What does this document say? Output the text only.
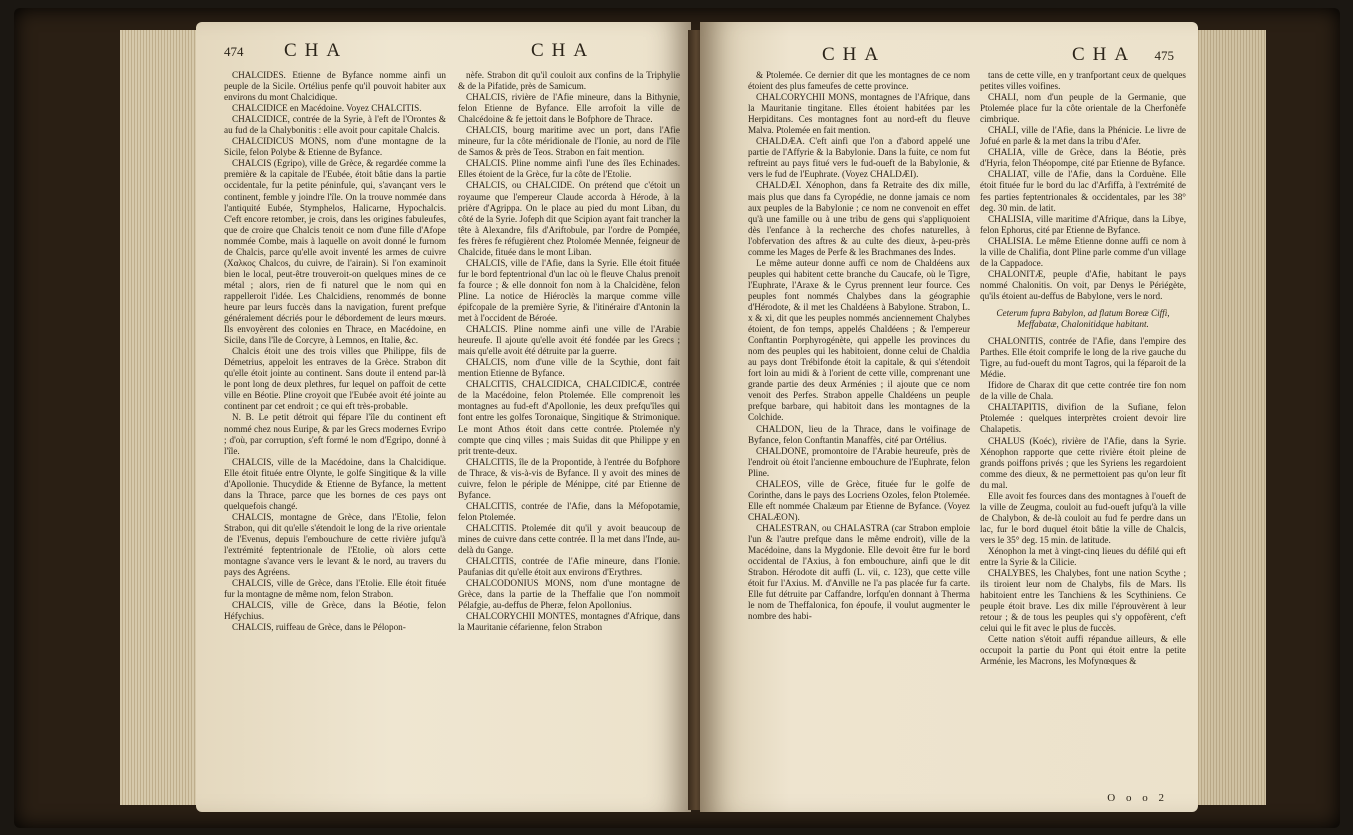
474 CHA	CHA

CHALCIDES. Etienne de Byfance nomme ainfi un peuple de la Sicile. Ortélius penfe qu'il pouvoit habiter aux environs du mont Chalcidique.

CHALCIDICE en Macédoine. Voyez CHALCITIS.

CHALCIDICE, contrée de la Syrie, à l'eft de l'Orontes & au fud de la Chalybonitis : elle avoit pour capitale Chalcis.

CHALCIDICUS MONS, nom d'une montagne de la Sicile, felon Polybe & Etienne de Byfance.

CHALCIS (Egripo), ville de Grèce, & regardée comme la première & la capitale de l'Eubée, étoit bâtie dans la partie occidentale, fur la petite péninfule, qui, s'avançant vers le continent, femble y joindre l'île. On la trouve nommée dans l'antiquité Eubée, Stymphelos, Halicarne, Hypochalcis. C'eft encore retomber, je crois, dans les origines fabuleufes, que de croire que Chalcis tenoit ce nom d'une fille d'Afope nommée Combe, mais à laquelle on avoit donné le furnom de Chalcis, parce qu'elle avoit inventé les armes de cuivre (Χαλκος Chalcos, du cuivre, de l'airain). Si l'on examinoit bien le local, peut-être trouveroit-on quelques mines de ce métal ; alors, rien de fi naturel que le nom qui en rappelleroit l'idée. Les Chalcidiens, renommés de bonne heure par leurs fuccès dans la navigation, furent prefque généralement décriés pour le débordement de leurs mœurs. Ils envoyèrent des colonies en Thrace, en Macédoine, en Sicile, dans l'île de Corcyre, à Lemnos, en Italie, &c.

Chalcis étoit une des trois villes que Philippe, fils de Démetrius, appeloit les entraves de la Grèce. Strabon dit qu'elle étoit jointe au continent. Sans doute il entend par-là le pont long de deux plethres, fur lequel on paffoit de cette ville en Béotie. Pline croyoit que l'Eubée avoit été jointe au continent par cet endroit ; ce qui eft très-probable.

N. B. Le petit détroit qui fépare l'île du continent eft nommé chez nous Euripe, & par les Grecs modernes Evripo ; d'où, par corruption, s'eft formé le nom d'Egripo, donné à l'île.

CHALCIS, ville de la Macédoine, dans la Chalcidique. Elle étoit fituée entre Olynte, le golfe Singitique & la ville d'Apollonie. Thucydide & Etienne de Byfance, la mettent dans la Thrace, parce que les bornes de ces pays ont quelquefois changé.

CHALCIS, montagne de Grèce, dans l'Etolie, felon Strabon, qui dit qu'elle s'étendoit le long de la rive orientale de l'Evenus, depuis l'embouchure de cette rivière jufqu'à l'extrémité feptentrionale de l'Etolie, où alors cette montagne s'avance vers le levant & le nord, au travers du pays des Agréens.

CHALCIS, ville de Grèce, dans l'Etolie. Elle étoit fituée fur la montagne de même nom, felon Strabon.

CHALCIS, ville de Grèce, dans la Béotie, felon Héfychius.

CHALCIS, ruiffeau de Grèce, dans le Pélopon-

nèfe. Strabon dit qu'il couloit aux confins de la Triphylie & de la Pifatide, près de Samicum.

CHALCIS, rivière de l'Afie mineure, dans la Bithynie, felon Etienne de Byfance. Elle arrofoit la ville de Chalcédoine & fe jettoit dans le Bofphore de Thrace.

CHALCIS, bourg maritime avec un port, dans l'Afie mineure, fur la côte méridionale de l'Ionie, au nord de l'île de Samos & près de Teos. Strabon en fait mention.

CHALCIS. Pline nomme ainfi l'une des îles Echinades. Elles étoient de la Grèce, fur la côte de l'Etolie.

CHALCIS, ou CHALCIDE. On prétend que c'étoit un royaume que l'empereur Claude accorda à Hérode, à la prière d'Agrippa. On le place au pied du mont Liban, du côté de la Syrie. Jofeph dit que Scipion ayant fait trancher la tête à Alexandre, fils d'Ariftobule, par l'ordre de Pompée, fes frères fe réfugièrent chez Ptolomée Mennée, feigneur de Chalcide, fituée dans le mont Liban.

CHALCIS, ville de l'Afie, dans la Syrie. Elle étoit fituée fur le bord feptentrional d'un lac où le fleuve Chalus prenoit fa fource ; & elle donnoit fon nom à la Chalcidène, felon Pline. La notice de Hiéroclès la marque comme ville épifcopale de la première Syrie, & l'itinéraire d'Antonin la met à l'occident de Béroée.

CHALCIS. Pline nomme ainfi une ville de l'Arabie heureufe. Il ajoute qu'elle avoit été fondée par les Grecs ; mais qu'elle avoit été détruite par la guerre.

CHALCIS, nom d'une ville de la Scythie, dont fait mention Etienne de Byfance.

CHALCITIS, CHALCIDICA, CHALCIDICÆ, contrée de la Macédoine, felon Ptolemée. Elle comprenoit les montagnes au fud-eft d'Apollonie, les deux prefqu'îles qui font entre les golfes Toronaique, Singitique & Strimonique. Le mont Athos étoit dans cette contrée. Ptolemée n'y compte que cinq villes ; mais Suidas dit que Philippe y en prit trente-deux.

CHALCITIS, île de la Propontide, à l'entrée du Bofphore de Thrace, & vis-à-vis de Byfance. Il y avoit des mines de cuivre, felon le périple de Ménippe, cité par Etienne de Byfance.

CHALCITIS, contrée de l'Afie, dans la Méfopotamie, felon Ptolemée.

CHALCITIS. Ptolemée dit qu'il y avoit beaucoup de mines de cuivre dans cette contrée. Il la met dans l'Inde, au-delà du Gange.

CHALCITIS, contrée de l'Afie mineure, dans l'Ionie. Paufanias dit qu'elle étoit aux environs d'Erythres.

CHALCODONIUS MONS, nom d'une montagne de Grèce, dans la partie de la Theffalie que l'on nommoit Pélafgie, au-deffus de Pheræ, felon Apollonius.

CHALCORYCHII MONTES, montagnes d'Afrique, dans la Mauritanie céfarienne, felon Strabon

CHA	CHA 475

& Ptolemée. Ce dernier dit que les montagnes de ce nom étoient des plus fameufes de cette province.

CHALCORYCHII MONS, montagnes de l'Afrique, dans la Mauritanie tingitane. Elles étoient habitées par les Herpiditans. Ces montagnes font au nord-eft du fleuve Malva. Ptolemée en fait mention.

CHALDÆA. C'eft ainfi que l'on a d'abord appelé une partie de l'Affyrie & la Babylonie. Dans la fuite, ce nom fut reftreint au pays fitué vers le fud-oueft de la Babylonie, & vers le fud de l'Euphrate. (Voyez CHALDÆI).

CHALDÆI. Xénophon, dans fa Retraite des dix mille, mais plus que dans fa Cyropédie, ne donne jamais ce nom aux peuples de la Babylonie ; ce nom ne convenoit en effet qu'à une famille ou à une tribu de gens qui s'appliquoient dès l'enfance à la recherche des chofes naturelles, à l'obfervation des aftres & au culte des dieux, à-peu-près comme les Mages de Perfe & les Brachmanes des Indes.

Le même auteur donne auffi ce nom de Chaldéens aux peuples qui habitent cette branche du Caucafe, où le Tigre, l'Euphrate, l'Araxe & le Cyrus prennent leur fource. Ces peuples font nommés Chalybes dans la géographie d'Hérodote, & il met les Chaldéens à Babylone. Strabon, L. x & xi, dit que les peuples nommés anciennement Chalybes étoient, de fon temps, appelés Chaldéens ; & l'empereur Conftantin Porphyrogénète, qui appelle les provinces du nom des peuples qui les habitoient, donne celui de Chaldia au pays dont Trébifonde étoit la capitale, & qui s'étendoit fort loin au midi & à l'orient de cette ville, comprenant une grande partie des deux Arménies ; il ajoute que ce nom venoit des Perfes. Strabon appelle Chaldéens un peuple prefque barbare, qui habitoit dans les montagnes de la Colchide.

CHALDON, lieu de la Thrace, dans le voifinage de Byfance, felon Conftantin Manaffès, cité par Ortélius.

CHALDONE, promontoire de l'Arabie heureufe, près de l'endroit où étoit l'ancienne embouchure de l'Euphrate, felon Pline.

CHALEOS, ville de Grèce, fituée fur le golfe de Corinthe, dans le pays des Locriens Ozoles, felon Ptolemée. Elle eft nommée Chalæum par Etienne de Byfance. (Voyez CHALÆON).

CHALESTRAN, ou CHALASTRA (car Strabon emploie l'un & l'autre prefque dans le même endroit), ville de la Macédoine, dans la Mygdonie. Elle devoit être fur le bord occidental de l'Axius, à fon embouchure, ainfi que le dit Strabon. Hérodote dit auffi (L. vii, c. 123), que cette ville étoit fur l'Axius. M. d'Anville ne l'a pas placée fur fa carte. Elle fut détruite par Caffandre, lorfqu'en donnant à Therma le nom de Theffalonica, fon époufe, il voulut augmenter le nombre des habi-

tans de cette ville, en y tranfportant ceux de quelques petites villes voifines.

CHALI, nom d'un peuple de la Germanie, que Ptolemée place fur la côte orientale de la Cherfonèfe cimbrique.

CHALI, ville de l'Afie, dans la Phénicie. Le livre de Jofué en parle & la met dans la tribu d'Afer.

CHALIA, ville de Grèce, dans la Béotie, près d'Hyria, felon Théopompe, cité par Etienne de Byfance.

CHALIAT, ville de l'Afie, dans la Corduène. Elle étoit fituée fur le bord du lac d'Arfiffa, à l'extrémité de fes parties feptentrionales & occidentales, par les 38° deg. 30 min. de latit.

CHALISIA, ville maritime d'Afrique, dans la Libye, felon Ephorus, cité par Etienne de Byfance.

CHALISIA. Le même Etienne donne auffi ce nom à la ville de Chalifia, dont Pline parle comme d'un village de la Cappadoce.

CHALONITÆ, peuple d'Afie, habitant le pays nommé Chalonitis. On voit, par Denys le Périégète, qu'ils étoient au-deffus de Babylone, vers le nord.

Ceterum fupra Babylon, ad flatum Boreæ Ciffi, Meffabatæ, Chalonitidque habitant.

CHALONITIS, contrée de l'Afie, dans l'empire des Parthes. Elle étoit comprife le long de la rive gauche du Tigre, au fud-oueft du mont Tagros, qui la féparoit de la Médie.

Ifidore de Charax dit que cette contrée tire fon nom de la ville de Chala.

CHALTAPITIS, divifion de la Sufiane, felon Ptolemée : quelques interprètes croient devoir lire Chalapetis.

CHALUS (Koéc), rivière de l'Afie, dans la Syrie. Xénophon rapporte que cette rivière étoit pleine de grands poiffons privés ; que les Syriens les regardoient comme des dieux, & ne permettoient pas qu'on leur fît du mal.

Elle avoit fes fources dans des montagnes à l'oueft de la ville de Zeugma, couloit au fud-oueft jufqu'à la ville de Chalybon, & de-là couloit au fud fe perdre dans un lac, fur le bord duquel étoit bâtie la ville de Chalcis, vers le 35° deg. 15 min. de latitude.

Xénophon la met à vingt-cinq lieues du défilé qui eft entre la Syrie & la Cilicie.

CHALYBES, les Chalybes, font une nation Scythe ; ils tiroient leur nom de Chalybs, fils de Mars. Ils habitoient entre les Tanchiens & les Scythiniens. Ce peuple étoit brave. Les dix mille l'éprouvèrent à leur retour ; & de tous les peuples qui s'y oppofèrent, c'eft celui qui le fit avec le plus de fuccès.

Cette nation s'étoit auffi répandue ailleurs, & elle occupoit la partie du Pont qui étoit entre la petite Arménie, les Macrons, les Mofynœques &

O o o 2
